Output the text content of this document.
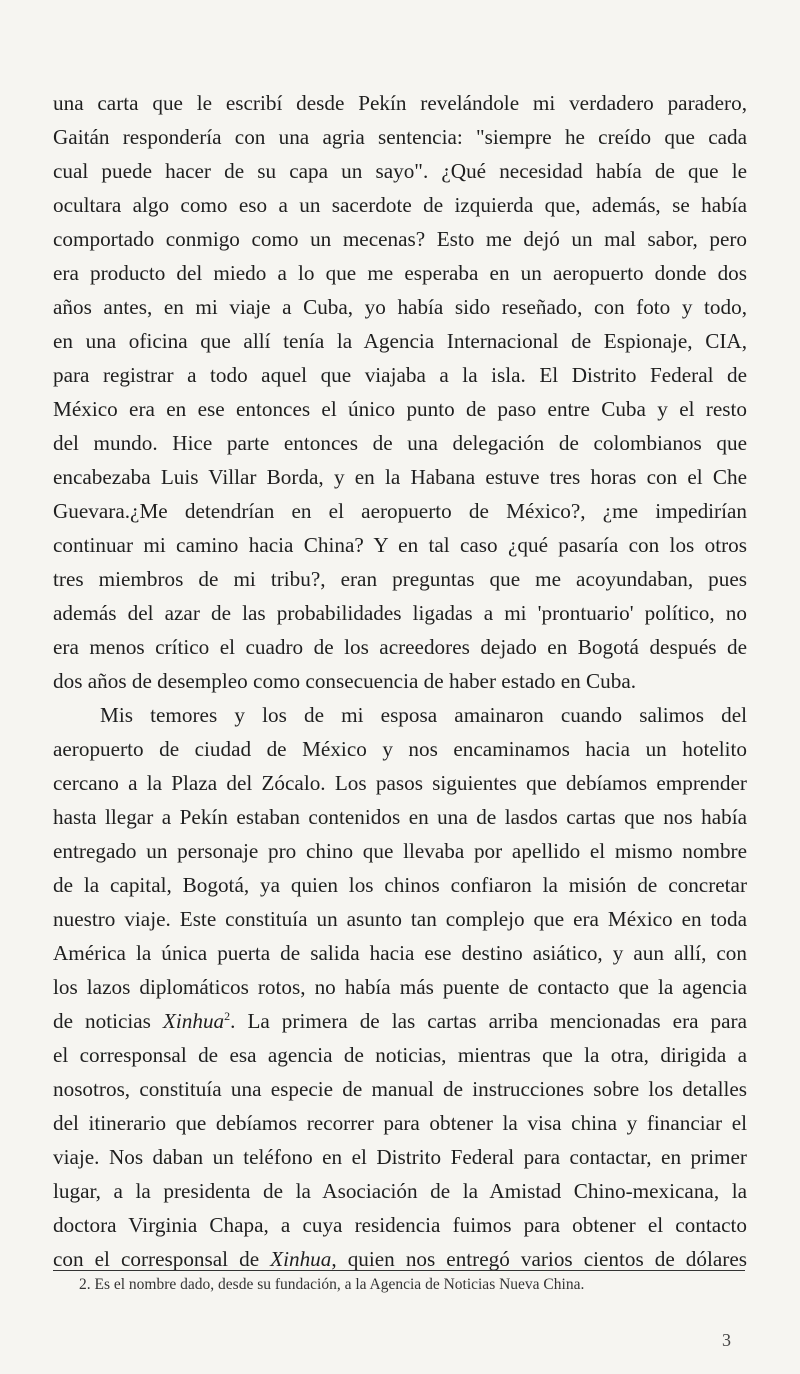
una carta que le escribí desde Pekín revelándole mi verdadero paradero,
Gaitán respondería con una agria sentencia: "siempre he creído que cada
cual puede hacer de su capa un sayo". ¿Qué necesidad había de que le
ocultara algo como eso a un sacerdote de izquierda que, además, se había
comportado conmigo como un mecenas? Esto me dejó un mal sabor, pero
era producto del miedo a lo que me esperaba en un aeropuerto donde dos
años antes, en mi viaje a Cuba, yo había sido reseñado, con foto y todo,
en una oficina que allí tenía la Agencia Internacional de Espionaje, CIA,
para registrar a todo aquel que viajaba a la isla. El Distrito Federal de
México era en ese entonces el único punto de paso entre Cuba y el resto
del mundo. Hice parte entonces de una delegación de colombianos que
encabezaba Luis Villar Borda, y en la Habana estuve tres horas con el Che
Guevara.¿Me detendrían en el aeropuerto de México?, ¿me impedirían
continuar mi camino hacia China? Y en tal caso ¿qué pasaría con los otros
tres miembros de mi tribu?, eran preguntas que me acoyundaban, pues
además del azar de las probabilidades ligadas a mi 'prontuario' político, no
era menos crítico el cuadro de los acreedores dejado en Bogotá después de
dos años de desempleo como consecuencia de haber estado en Cuba.

Mis temores y los de mi esposa amainaron cuando salimos del
aeropuerto de ciudad de México y nos encaminamos hacia un hotelito
cercano a la Plaza del Zócalo. Los pasos siguientes que debíamos emprender
hasta llegar a Pekín estaban contenidos en una de lasdos cartas que nos había
entregado un personaje pro chino que llevaba por apellido el mismo nombre
de la capital, Bogotá, ya quien los chinos confiaron la misión de concretar
nuestro viaje. Este constituía un asunto tan complejo que era México en toda
América la única puerta de salida hacia ese destino asiático, y aun allí, con
los lazos diplomáticos rotos, no había más puente de contacto que la agencia
de noticias Xinhua$^2$. La primera de las cartas arriba mencionadas era para
el corresponsal de esa agencia de noticias, mientras que la otra, dirigida a
nosotros, constituía una especie de manual de instrucciones sobre los detalles
del itinerario que debíamos recorrer para obtener la visa china y financiar el
viaje. Nos daban un teléfono en el Distrito Federal para contactar, en primer
lugar, a la presidenta de la Asociación de la Amistad Chino-mexicana, la
doctora Virginia Chapa, a cuya residencia fuimos para obtener el contacto
con el corresponsal de Xinhua, quien nos entregó varios cientos de dólares

2. Es el nombre dado, desde su fundación, a la Agencia de Noticias Nueva China.
3
